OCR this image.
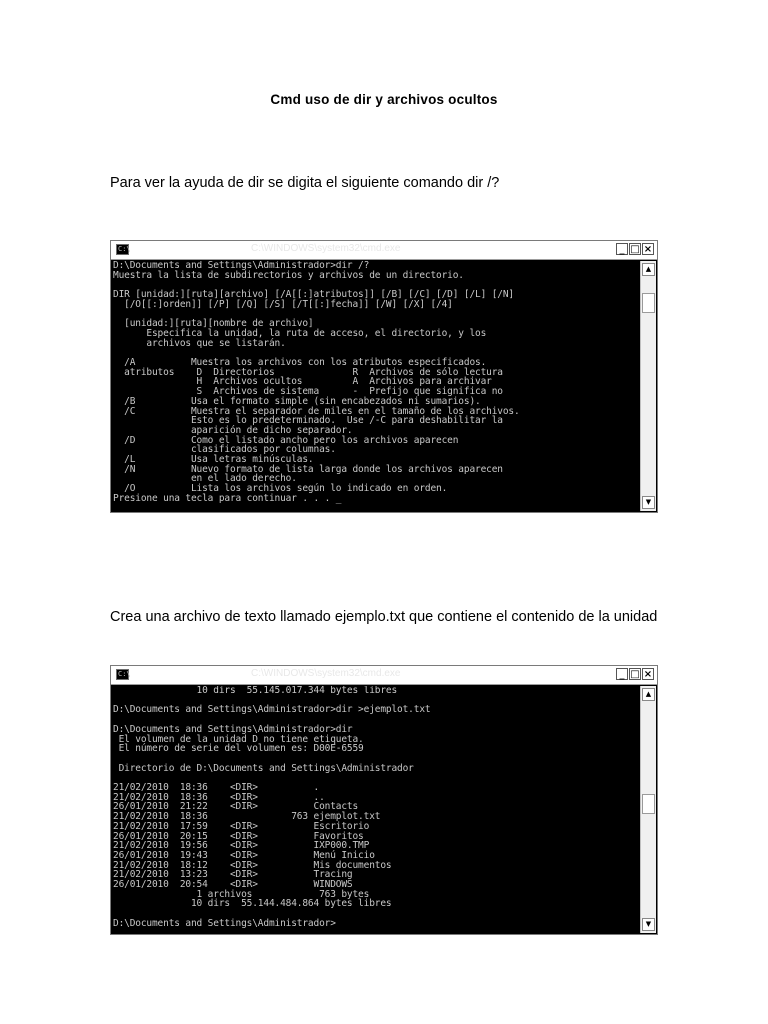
Cmd uso de dir y archivos ocultos
Para ver la ayuda de dir se digita el siguiente comando dir /?
C:\	C:\WINDOWS\system32\cmd.exe	_ □ ×
D:\Documents and Settings\Administrador>dir /?
Muestra la lista de subdirectorios y archivos de un directorio.

DIR [unidad:][ruta][archivo] [/A[[:]atributos]] [/B] [/C] [/D] [/L] [/N]
[/O[[:]orden]] [/P] [/Q] [/S] [/T[[:]fecha]] [/W] [/X] [/4]

[unidad:][ruta][nombre de archivo]
Especifica la unidad, la ruta de acceso, el directorio, y los
archivos que se listarán.

/A          Muestra los archivos con los atributos especificados.
atributos    D  Directorios              R  Archivos de sólo lectura
H  Archivos ocultos         A  Archivos para archivar
S  Archivos de sistema      -  Prefijo que significa no
/B          Usa el formato simple (sin encabezados ni sumarios).
/C          Muestra el separador de miles en el tamaño de los archivos.
Esto es lo predeterminado.  Use /-C para deshabilitar la
aparición de dicho separador.
/D          Como el listado ancho pero los archivos aparecen
clasificados por columnas.
/L          Usa letras minúsculas.
/N          Nuevo formato de lista larga donde los archivos aparecen
en el lado derecho.
/O          Lista los archivos según lo indicado en orden.
Presione una tecla para continuar . . . _
▲
▼
Crea una archivo de texto llamado ejemplo.txt que contiene el contenido de la unidad
C:\	C:\WINDOWS\system32\cmd.exe	_ □ ×
10 dirs  55.145.017.344 bytes libres

D:\Documents and Settings\Administrador>dir >ejemplot.txt

D:\Documents and Settings\Administrador>dir
El volumen de la unidad D no tiene etiqueta.
El número de serie del volumen es: D00E-6559

Directorio de D:\Documents and Settings\Administrador

21/02/2010  18:36    <DIR>          .
21/02/2010  18:36    <DIR>          ..
26/01/2010  21:22    <DIR>          Contacts
21/02/2010  18:36               763 ejemplot.txt
21/02/2010  17:59    <DIR>          Escritorio
26/01/2010  20:15    <DIR>          Favoritos
21/02/2010  19:56    <DIR>          IXP000.TMP
26/01/2010  19:43    <DIR>          Menú Inicio
21/02/2010  18:12    <DIR>          Mis documentos
21/02/2010  13:23    <DIR>          Tracing
26/01/2010  20:54    <DIR>          WINDOWS
1 archivos            763 bytes
10 dirs  55.144.484.864 bytes libres

D:\Documents and Settings\Administrador>
▲
▼
